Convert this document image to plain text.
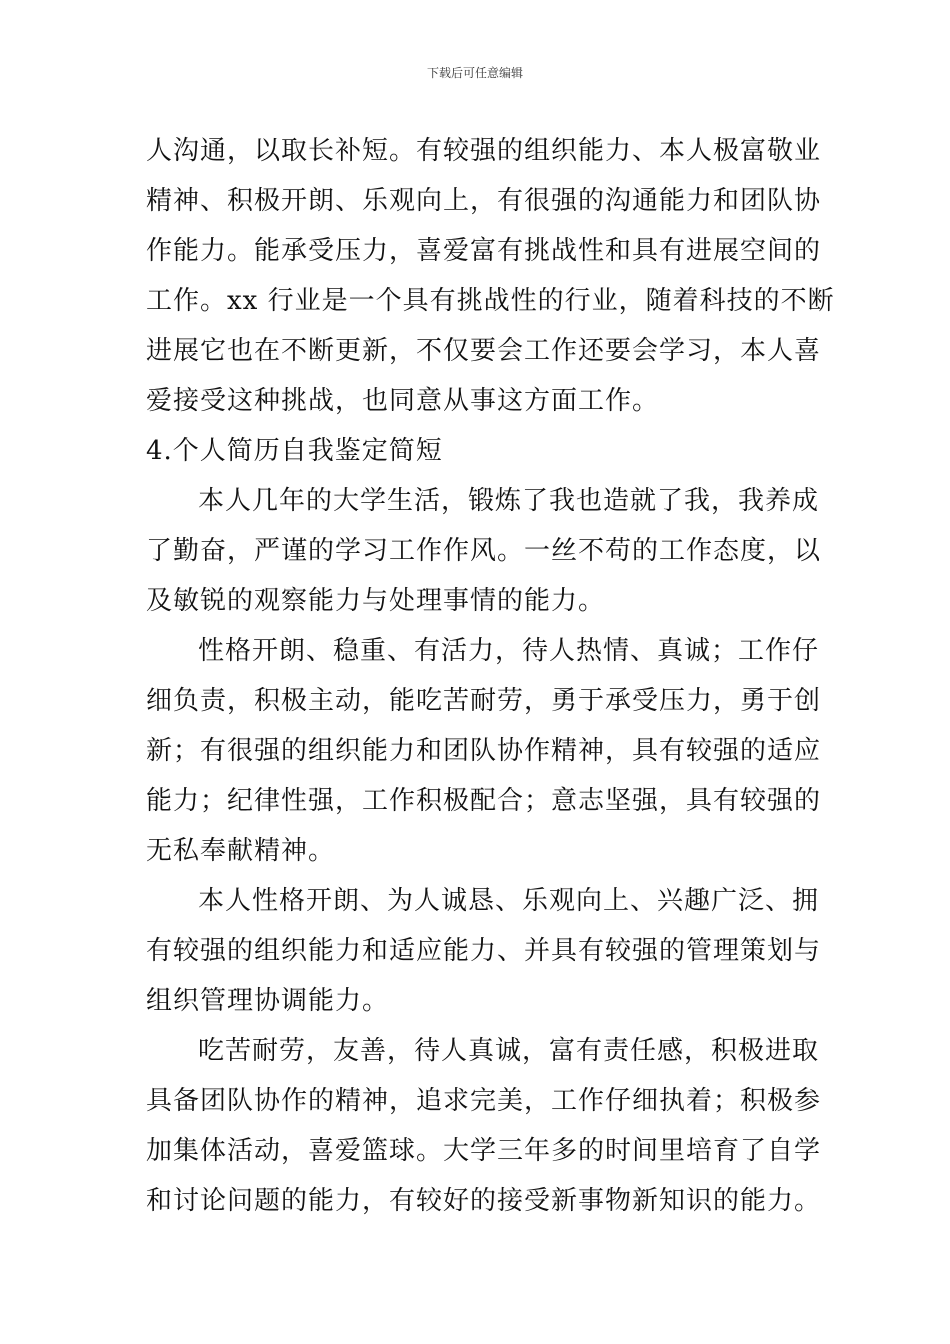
下载后可任意编辑
人沟通，以取长补短。有较强的组织能力、本人极富敬业
精神、积极开朗、乐观向上，有很强的沟通能力和团队协
作能力。能承受压力，喜爱富有挑战性和具有进展空间的
工作。xx 行业是一个具有挑战性的行业，随着科技的不断
进展它也在不断更新，不仅要会工作还要会学习，本人喜
爱接受这种挑战，也同意从事这方面工作。
4.个人简历自我鉴定简短
本人几年的大学生活，锻炼了我也造就了我，我养成
了勤奋，严谨的学习工作作风。一丝不苟的工作态度，以
及敏锐的观察能力与处理事情的能力。
性格开朗、稳重、有活力，待人热情、真诚；工作仔
细负责，积极主动，能吃苦耐劳，勇于承受压力，勇于创
新；有很强的组织能力和团队协作精神，具有较强的适应
能力；纪律性强，工作积极配合；意志坚强，具有较强的
无私奉献精神。
本人性格开朗、为人诚恳、乐观向上、兴趣广泛、拥
有较强的组织能力和适应能力、并具有较强的管理策划与
组织管理协调能力。
吃苦耐劳，友善，待人真诚，富有责任感，积极进取
具备团队协作的精神，追求完美，工作仔细执着；积极参
加集体活动，喜爱篮球。大学三年多的时间里培育了自学
和讨论问题的能力，有较好的接受新事物新知识的能力。
